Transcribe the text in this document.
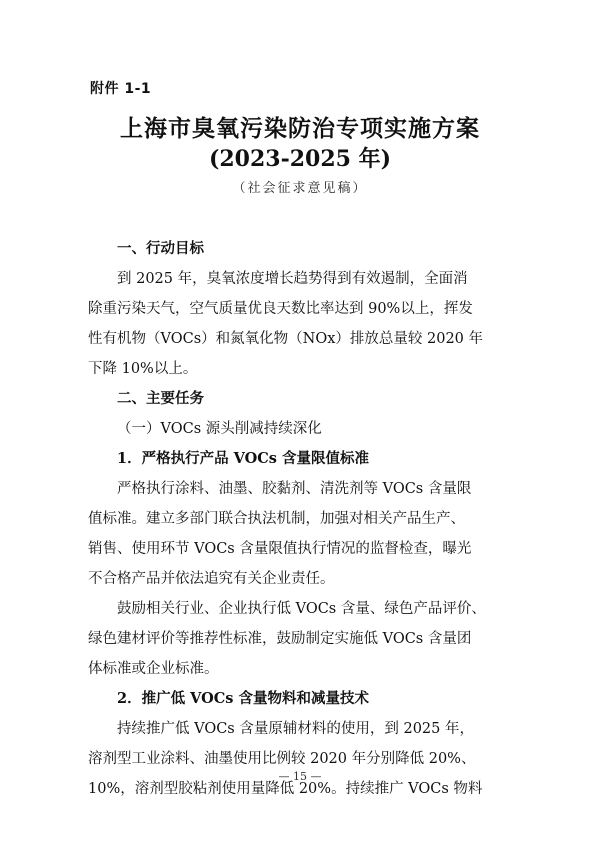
附件 1-1
上海市臭氧污染防治专项实施方案
(2023-2025 年)
（社会征求意见稿）
一、行动目标
到 2025 年，臭氧浓度增长趋势得到有效遏制，全面消
除重污染天气，空气质量优良天数比率达到 90%以上，挥发
性有机物（VOCs）和氮氧化物（NOx）排放总量较 2020 年
下降 10%以上。
二、主要任务
（一）VOCs 源头削减持续深化
1．严格执行产品 VOCs 含量限值标准
严格执行涂料、油墨、胶黏剂、清洗剂等 VOCs 含量限
值标准。建立多部门联合执法机制，加强对相关产品生产、
销售、使用环节 VOCs 含量限值执行情况的监督检查，曝光
不合格产品并依法追究有关企业责任。
鼓励相关行业、企业执行低 VOCs 含量、绿色产品评价、
绿色建材评价等推荐性标准，鼓励制定实施低 VOCs 含量团
体标准或企业标准。
2．推广低 VOCs 含量物料和减量技术
持续推广低 VOCs 含量原辅材料的使用，到 2025 年，
溶剂型工业涂料、油墨使用比例较 2020 年分别降低 20%、
10%，溶剂型胶粘剂使用量降低 20%。持续推广 VOCs 物料
— 15 —
